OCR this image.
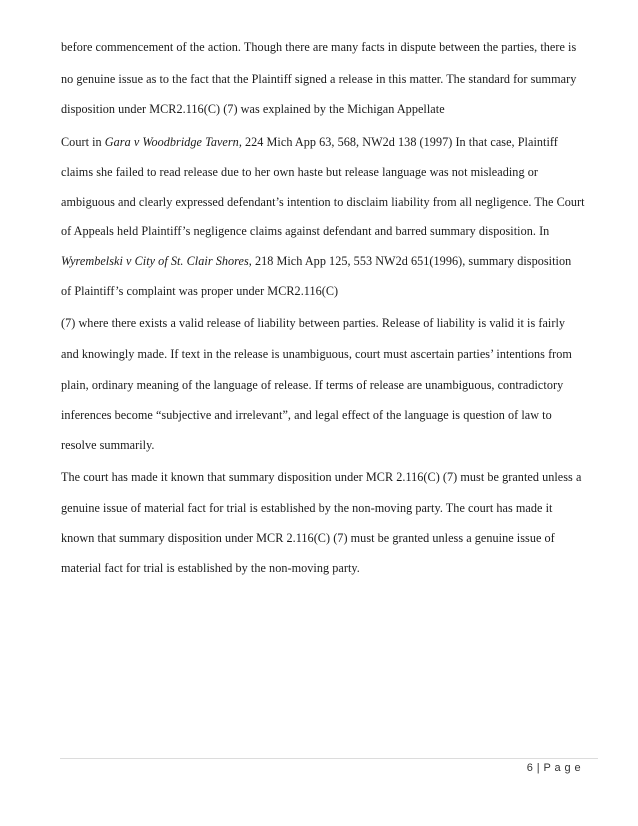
before commencement of the action. Though there are many facts in dispute between the parties, there is
no genuine issue as to the fact that the Plaintiff signed a release in this matter. The standard for summary
disposition under MCR2.116(C) (7) was explained by the Michigan Appellate
Court in Gara v Woodbridge Tavern, 224 Mich App 63, 568, NW2d 138 (1997) In that case, Plaintiff
claims she failed to read release due to her own haste but release language was not misleading or
ambiguous and clearly expressed defendant’s intention to disclaim liability from all negligence. The Court
of Appeals held Plaintiff’s negligence claims against defendant and barred summary disposition. In
Wyrembelski v City of St. Clair Shores, 218 Mich App 125, 553 NW2d 651(1996), summary disposition
of Plaintiff’s complaint was proper under MCR2.116(C)
(7) where there exists a valid release of liability between parties. Release of liability is valid it is fairly
and knowingly made. If text in the release is unambiguous, court must ascertain parties’ intentions from
plain, ordinary meaning of the language of release. If terms of release are unambiguous, contradictory
inferences become “subjective and irrelevant”, and legal effect of the language is question of law to
resolve summarily.
The court has made it known that summary disposition under MCR 2.116(C) (7) must be granted unless a
genuine issue of material fact for trial is established by the non-moving party. The court has made it
known that summary disposition under MCR 2.116(C) (7) must be granted unless a genuine issue of
material fact for trial is established by the non-moving party.
6 | P a g e
